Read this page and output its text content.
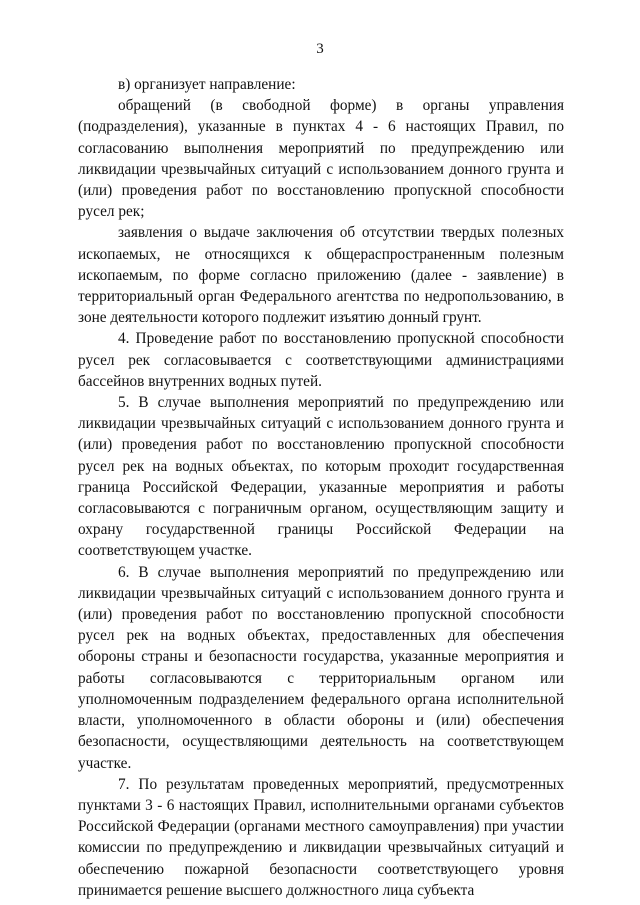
3

в) организует направление:

обращений (в свободной форме) в органы управления (подразделения), указанные в пунктах 4 - 6 настоящих Правил, по согласованию выполнения мероприятий по предупреждению или ликвидации чрезвычайных ситуаций с использованием донного грунта и (или) проведения работ по восстановлению пропускной способности русел рек;

заявления о выдаче заключения об отсутствии твердых полезных ископаемых, не относящихся к общераспространенным полезным ископаемым, по форме согласно приложению (далее - заявление) в территориальный орган Федерального агентства по недропользованию, в зоне деятельности которого подлежит изъятию донный грунт.

4. Проведение работ по восстановлению пропускной способности русел рек согласовывается с соответствующими администрациями бассейнов внутренних водных путей.

5. В случае выполнения мероприятий по предупреждению или ликвидации чрезвычайных ситуаций с использованием донного грунта и (или) проведения работ по восстановлению пропускной способности русел рек на водных объектах, по которым проходит государственная граница Российской Федерации, указанные мероприятия и работы согласовываются с пограничным органом, осуществляющим защиту и охрану государственной границы Российской Федерации на соответствующем участке.

6. В случае выполнения мероприятий по предупреждению или ликвидации чрезвычайных ситуаций с использованием донного грунта и (или) проведения работ по восстановлению пропускной способности русел рек на водных объектах, предоставленных для обеспечения обороны страны и безопасности государства, указанные мероприятия и работы согласовываются с территориальным органом или уполномоченным подразделением федерального органа исполнительной власти, уполномоченного в области обороны и (или) обеспечения безопасности, осуществляющими деятельность на соответствующем участке.

7. По результатам проведенных мероприятий, предусмотренных пунктами 3 - 6 настоящих Правил, исполнительными органами субъектов Российской Федерации (органами местного самоуправления) при участии комиссии по предупреждению и ликвидации чрезвычайных ситуаций и обеспечению пожарной безопасности соответствующего уровня принимается решение высшего должностного лица субъекта
